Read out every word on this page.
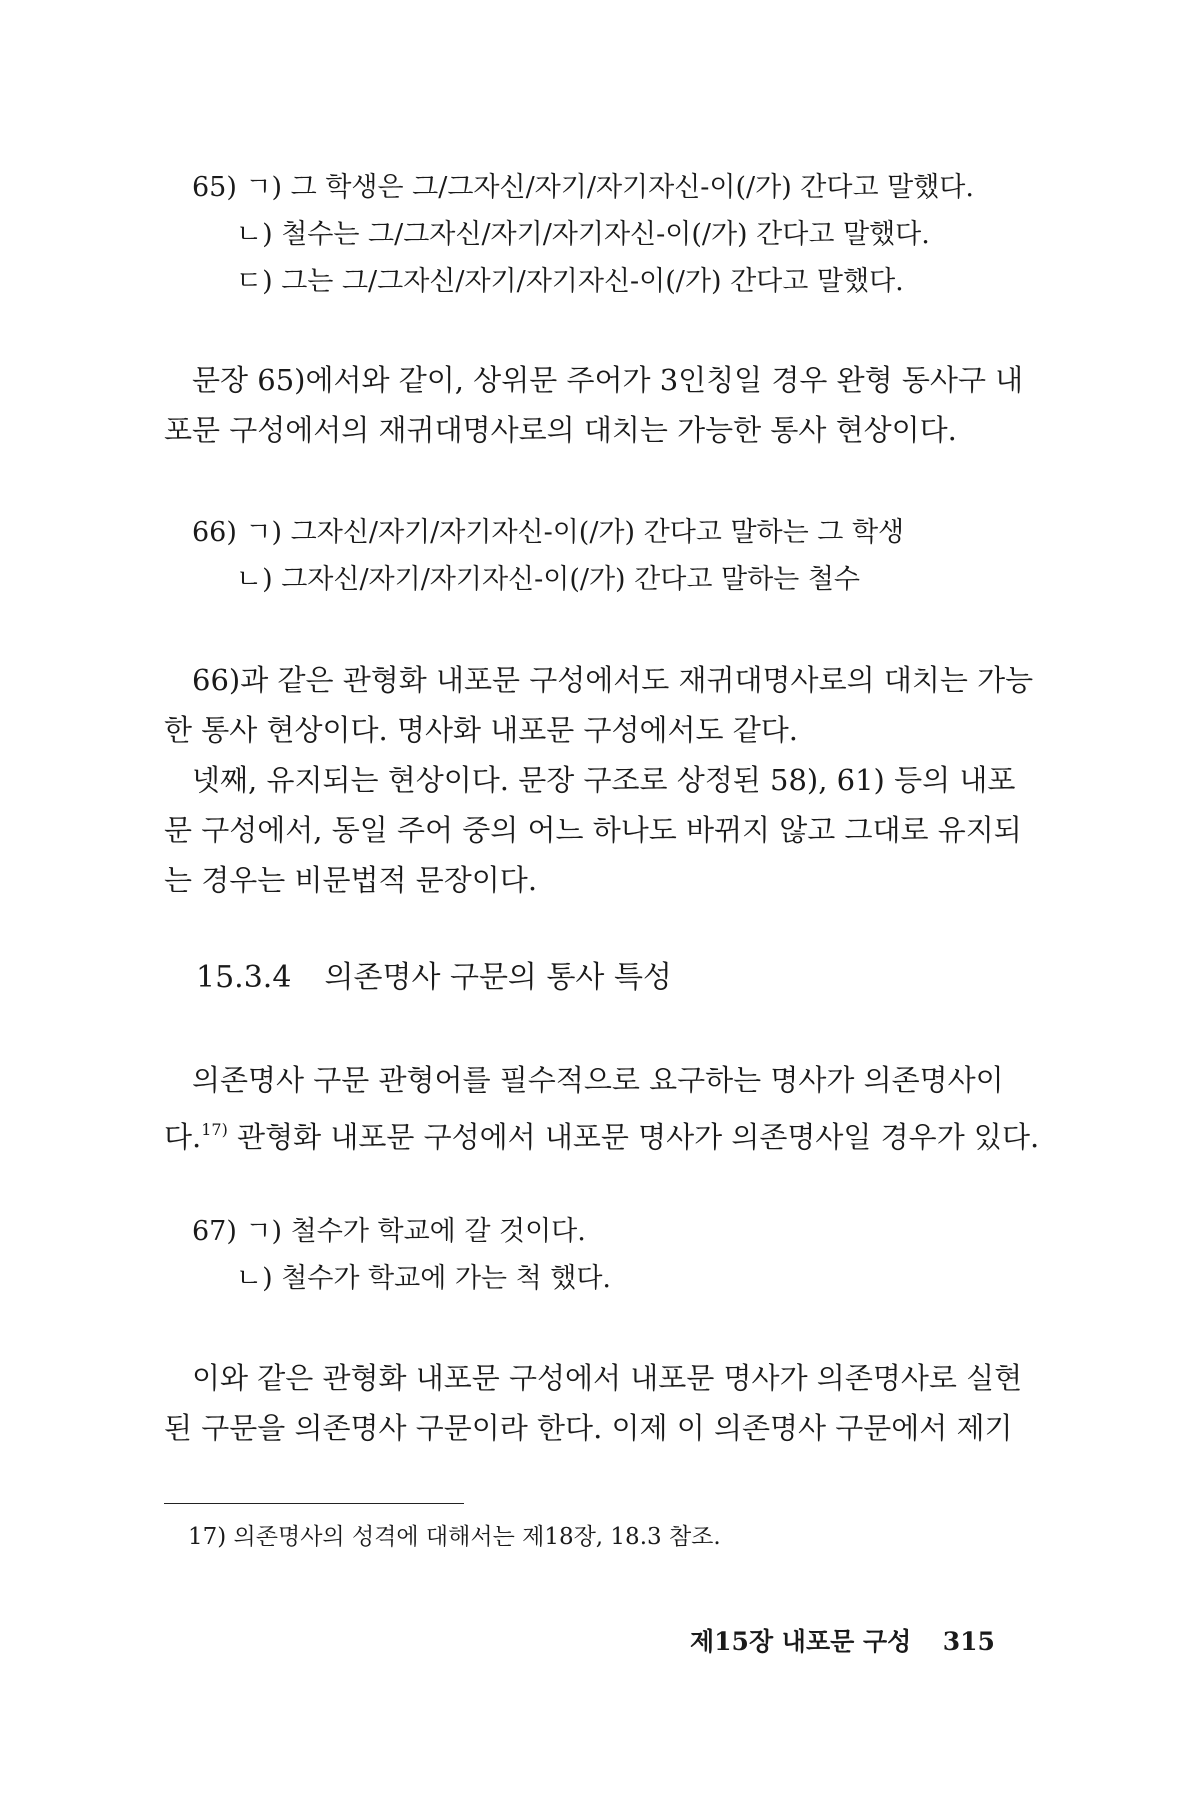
65) ㄱ) 그 학생은 그/그자신/자기/자기자신-이(/가) 간다고 말했다.
ㄴ) 철수는 그/그자신/자기/자기자신-이(/가) 간다고 말했다.
ㄷ) 그는 그/그자신/자기/자기자신-이(/가) 간다고 말했다.
문장 65)에서와 같이, 상위문 주어가 3인칭일 경우 완형 동사구 내
포문 구성에서의 재귀대명사로의 대치는 가능한 통사 현상이다.
66) ㄱ) 그자신/자기/자기자신-이(/가) 간다고 말하는 그 학생
ㄴ) 그자신/자기/자기자신-이(/가) 간다고 말하는 철수
66)과 같은 관형화 내포문 구성에서도 재귀대명사로의 대치는 가능
한 통사 현상이다. 명사화 내포문 구성에서도 같다.
넷째, 유지되는 현상이다. 문장 구조로 상정된 58), 61) 등의 내포
문 구성에서, 동일 주어 중의 어느 하나도 바뀌지 않고 그대로 유지되
는 경우는 비문법적 문장이다.
15.3.4 의존명사 구문의 통사 특성
의존명사 구문 관형어를 필수적으로 요구하는 명사가 의존명사이
다.$^{17)}$ 관형화 내포문 구성에서 내포문 명사가 의존명사일 경우가 있다.
67) ㄱ) 철수가 학교에 갈 것이다.
ㄴ) 철수가 학교에 가는 척 했다.
이와 같은 관형화 내포문 구성에서 내포문 명사가 의존명사로 실현
된 구문을 의존명사 구문이라 한다. 이제 이 의존명사 구문에서 제기
17) 의존명사의 성격에 대해서는 제18장, 18.3 참조.
제15장 내포문 구성 315
